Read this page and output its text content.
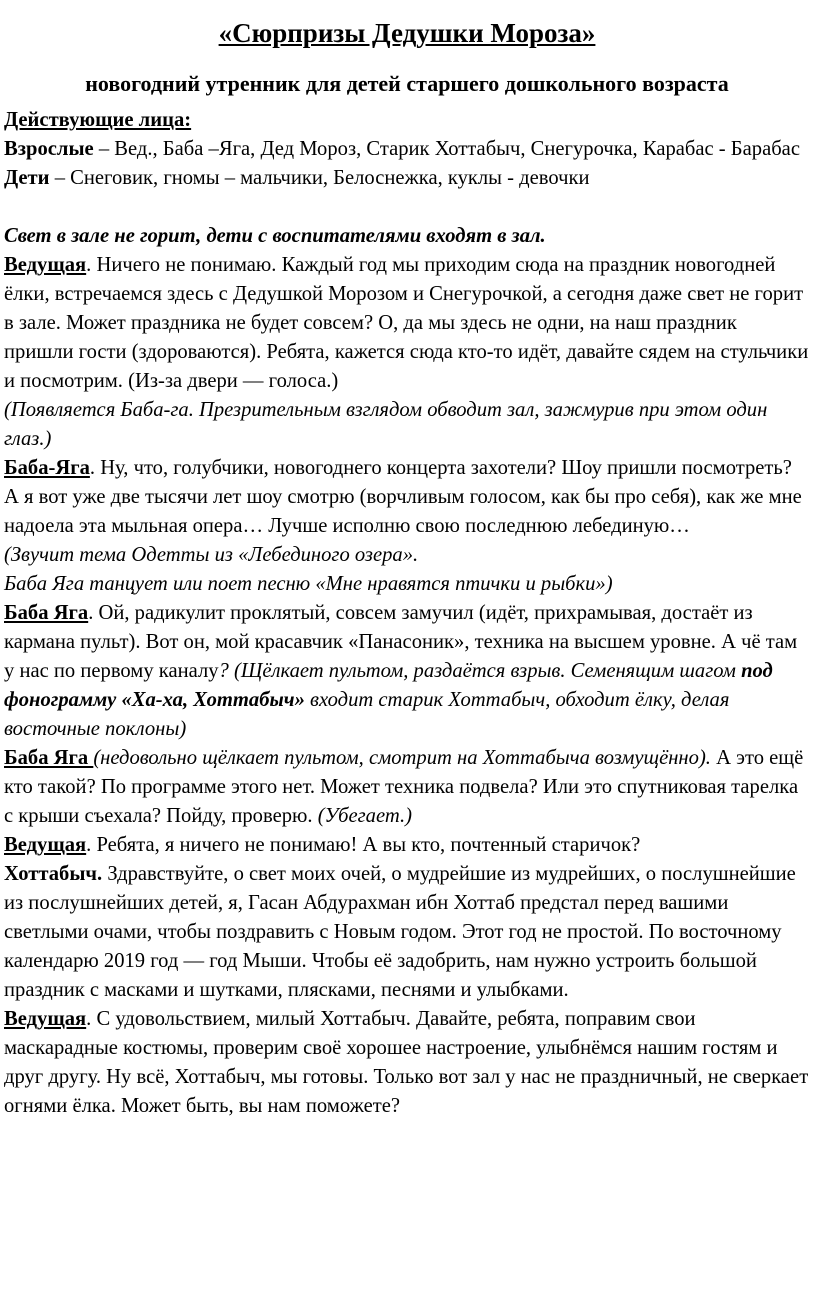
«Сюрпризы Дедушки Мороза»
новогодний утренник для детей старшего дошкольного возраста

Действующие лица:

Взрослые – Вед., Баба –Яга, Дед Мороз, Старик Хоттабыч, Снегурочка, Карабас - Барабас

Дети – Снеговик, гномы – мальчики, Белоснежка, куклы - девочки

Свет в зале не горит, дети с воспитателями входят в зал.

Ведущая. Ничего не понимаю. Каждый год мы приходим сюда на праздник новогодней ёлки, встречаемся здесь с Дедушкой Морозом и Снегурочкой, а сегодня даже свет не горит в зале. Может праздника не будет совсем? О, да мы здесь не одни, на наш праздник пришли гости (здороваются). Ребята, кажется сюда кто-то идёт, давайте сядем на стульчики и посмотрим. (Из-за двери — голоса.)

(Появляется Баба-га. Презрительным взглядом обводит зал, зажмурив при этом один глаз.)

Баба-Яга. Ну, что, голубчики, новогоднего концерта захотели? Шоу пришли посмотреть? А я вот уже две тысячи лет шоу смотрю (ворчливым голосом, как бы про себя), как же мне надоела эта мыльная опера… Лучше исполню свою последнюю лебединую…

(Звучит тема Одетты из «Лебединого озера».

Баба Яга танцует или поет песню «Мне нравятся птички и рыбки»)

Баба Яга. Ой, радикулит проклятый, совсем замучил (идёт, прихрамывая, достаёт из кармана пульт). Вот он, мой красавчик «Панасоник», техника на высшем уровне. А чё там у нас по первому каналу? (Щёлкает пультом, раздаётся взрыв. Семенящим шагом под фонограмму «Ха-ха, Хоттабыч» входит старик Хоттабыч, обходит ёлку, делая восточные поклоны)

Баба Яга (недовольно щёлкает пультом, смотрит на Хоттабыча возмущённо). А это ещё кто такой? По программе этого нет. Может техника подвела? Или это спутниковая тарелка с крыши съехала? Пойду, проверю. (Убегает.)

Ведущая. Ребята, я ничего не понимаю! А вы кто, почтенный старичок?

Хоттабыч. Здравствуйте, о свет моих очей, о мудрейшие из мудрейших, о послушнейшие из послушнейших детей, я, Гасан Абдурахман ибн Хоттаб предстал перед вашими светлыми очами, чтобы поздравить с Новым годом. Этот год не простой. По восточному календарю 2019 год — год Мыши. Чтобы её задобрить, нам нужно устроить большой праздник с масками и шутками, плясками, песнями и улыбками.

Ведущая. С удовольствием, милый Хоттабыч. Давайте, ребята, поправим свои маскарадные костюмы, проверим своё хорошее настроение, улыбнёмся нашим гостям и друг другу. Ну всё, Хоттабыч, мы готовы. Только вот зал у нас не праздничный, не сверкает огнями ёлка. Может быть, вы нам поможете?
